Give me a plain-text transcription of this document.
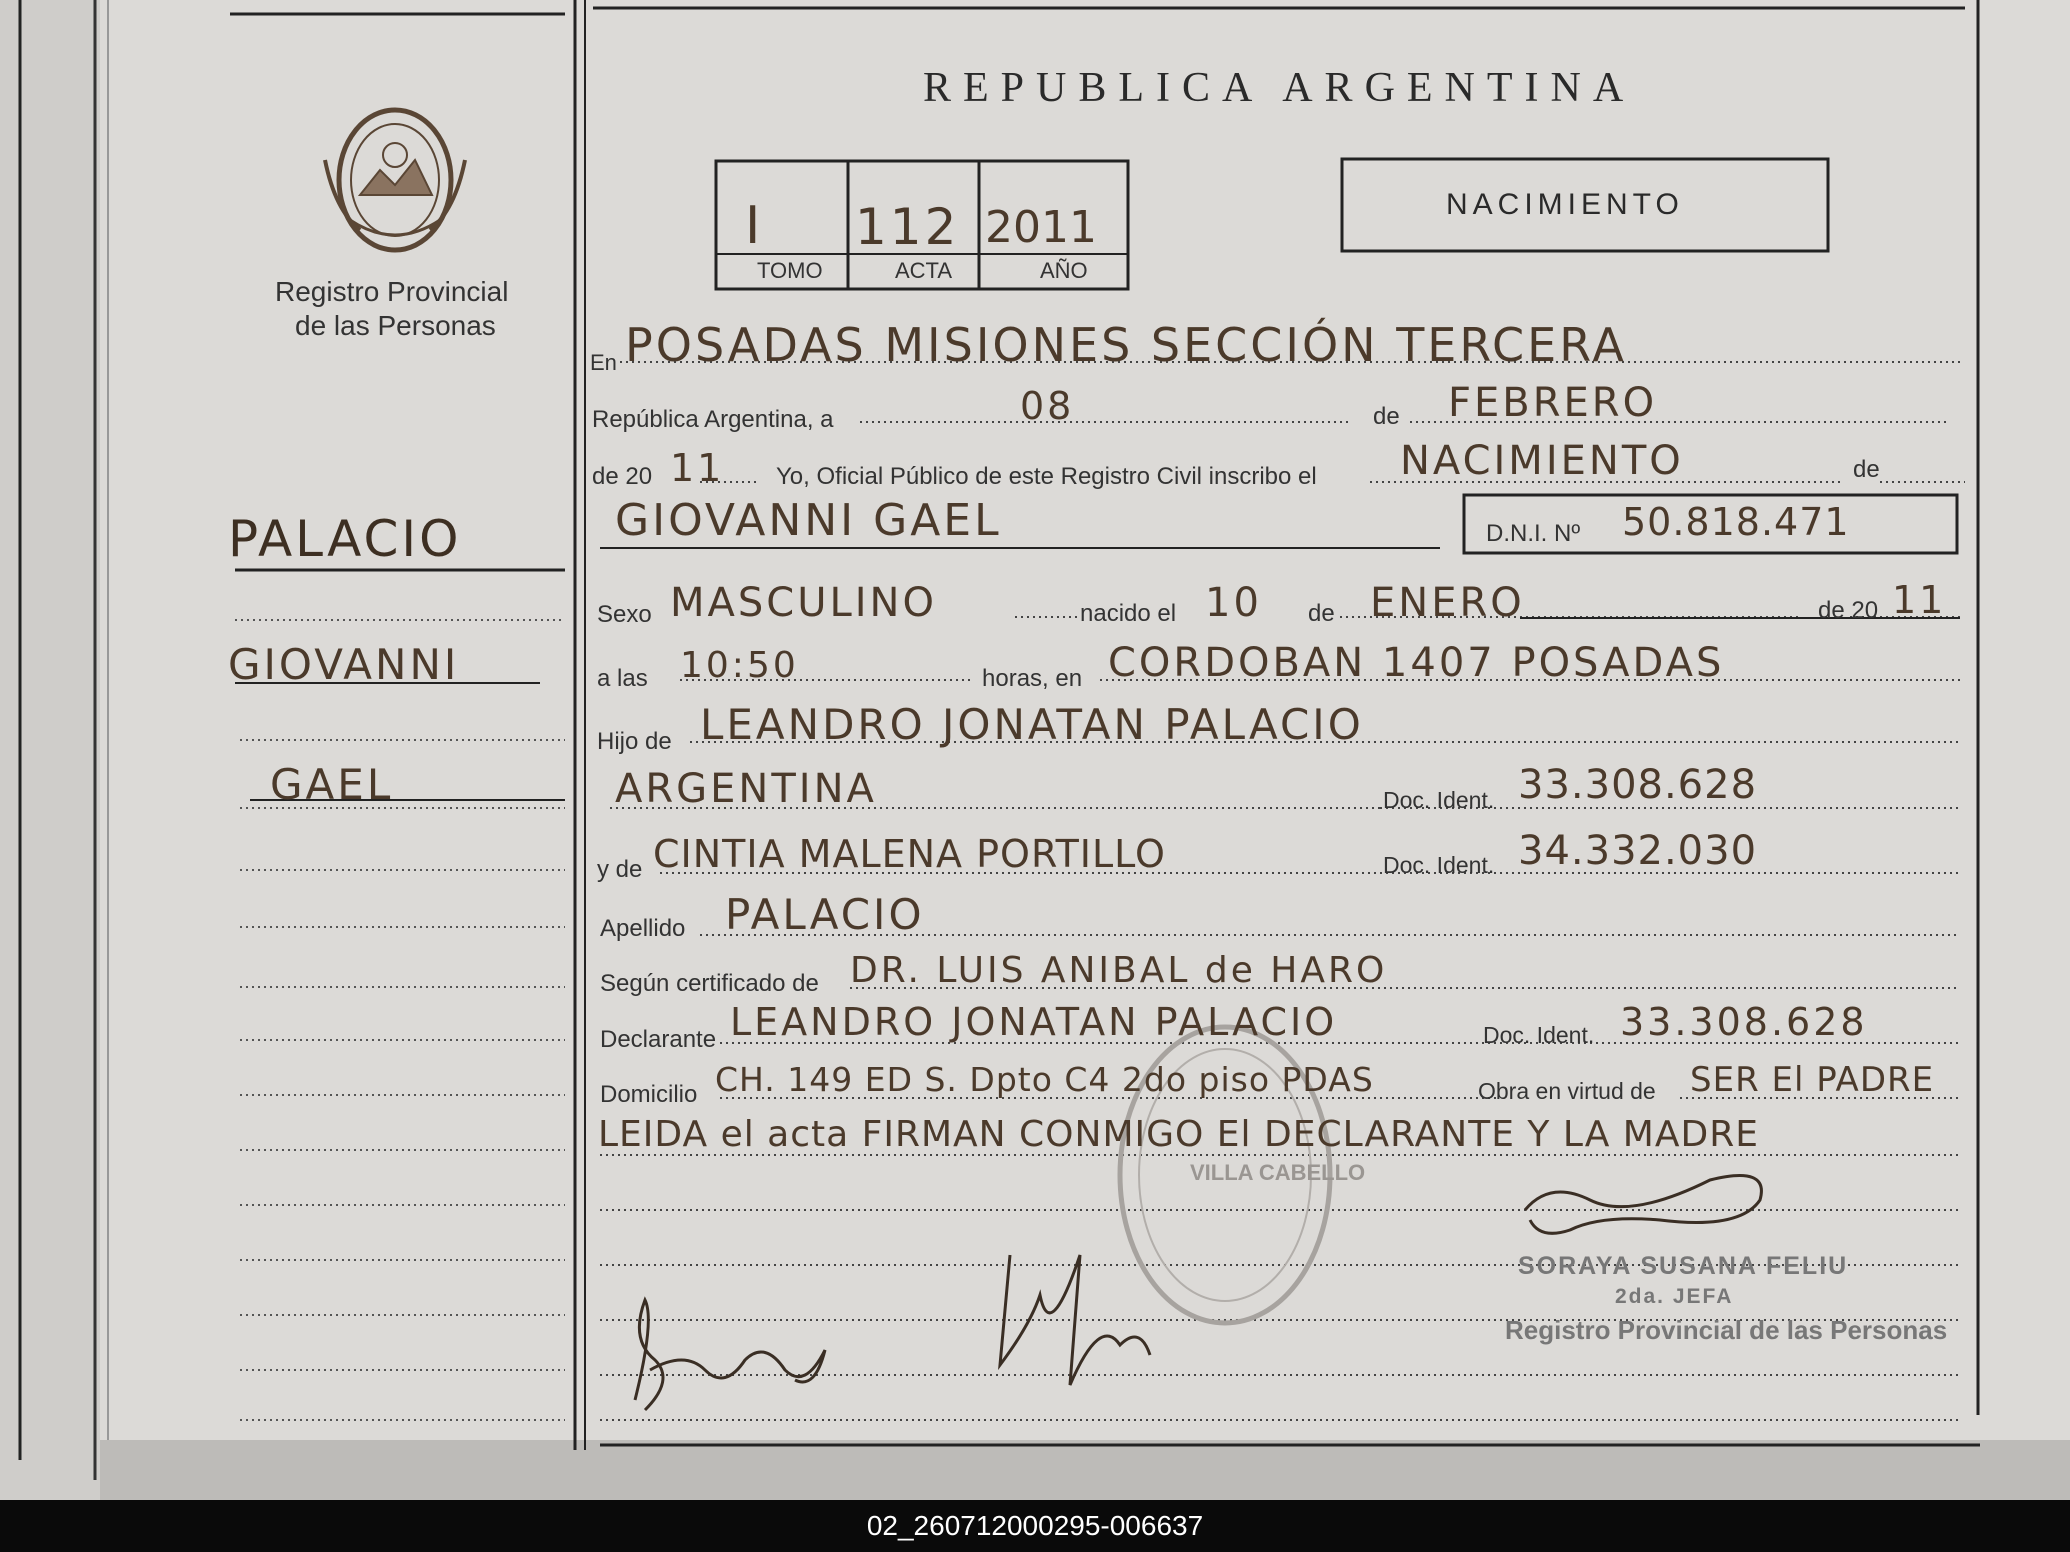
VILLA CABELLO
REPUBLICA ARGENTINA
NACIMIENTO
Registro Provincial
de las Personas
I 112 2011
TOMO	ACTA	AÑO
PALACIO
GIOVANNI
GAEL
En POSADAS MISIONES SECCIÓN TERCERA
República Argentina, a	08	de FEBRERO
de 20 11 Yo, Oficial Público de este Registro Civil inscribo el NACIMIENTO	de
GIOVANNI GAEL	D.N.I. Nº 50.818.471
Sexo MASCULINO	nacido el 10 de ENERO	de 20 11
a las 10:50	horas, en CORDOBAN 1407 POSADAS
Hijo de LEANDRO JONATAN PALACIO
ARGENTINA	Doc. Ident. 33.308.628
y de CINTIA MALENA PORTILLO	Doc. Ident. 34.332.030
Apellido PALACIO
Según certificado de DR. LUIS ANIBAL de HARO
Declarante LEANDRO JONATAN PALACIO	Doc. Ident. 33.308.628
Domicilio CH. 149 ED S. Dpto C4 2do piso PDAS	Obra en virtud de SER El PADRE
LEIDA el acta FIRMAN CONMIGO El DECLARANTE Y LA MADRE
SORAYA SUSANA FELIU
2da. JEFA
Registro Provincial de las Personas
02_260712000295-006637
